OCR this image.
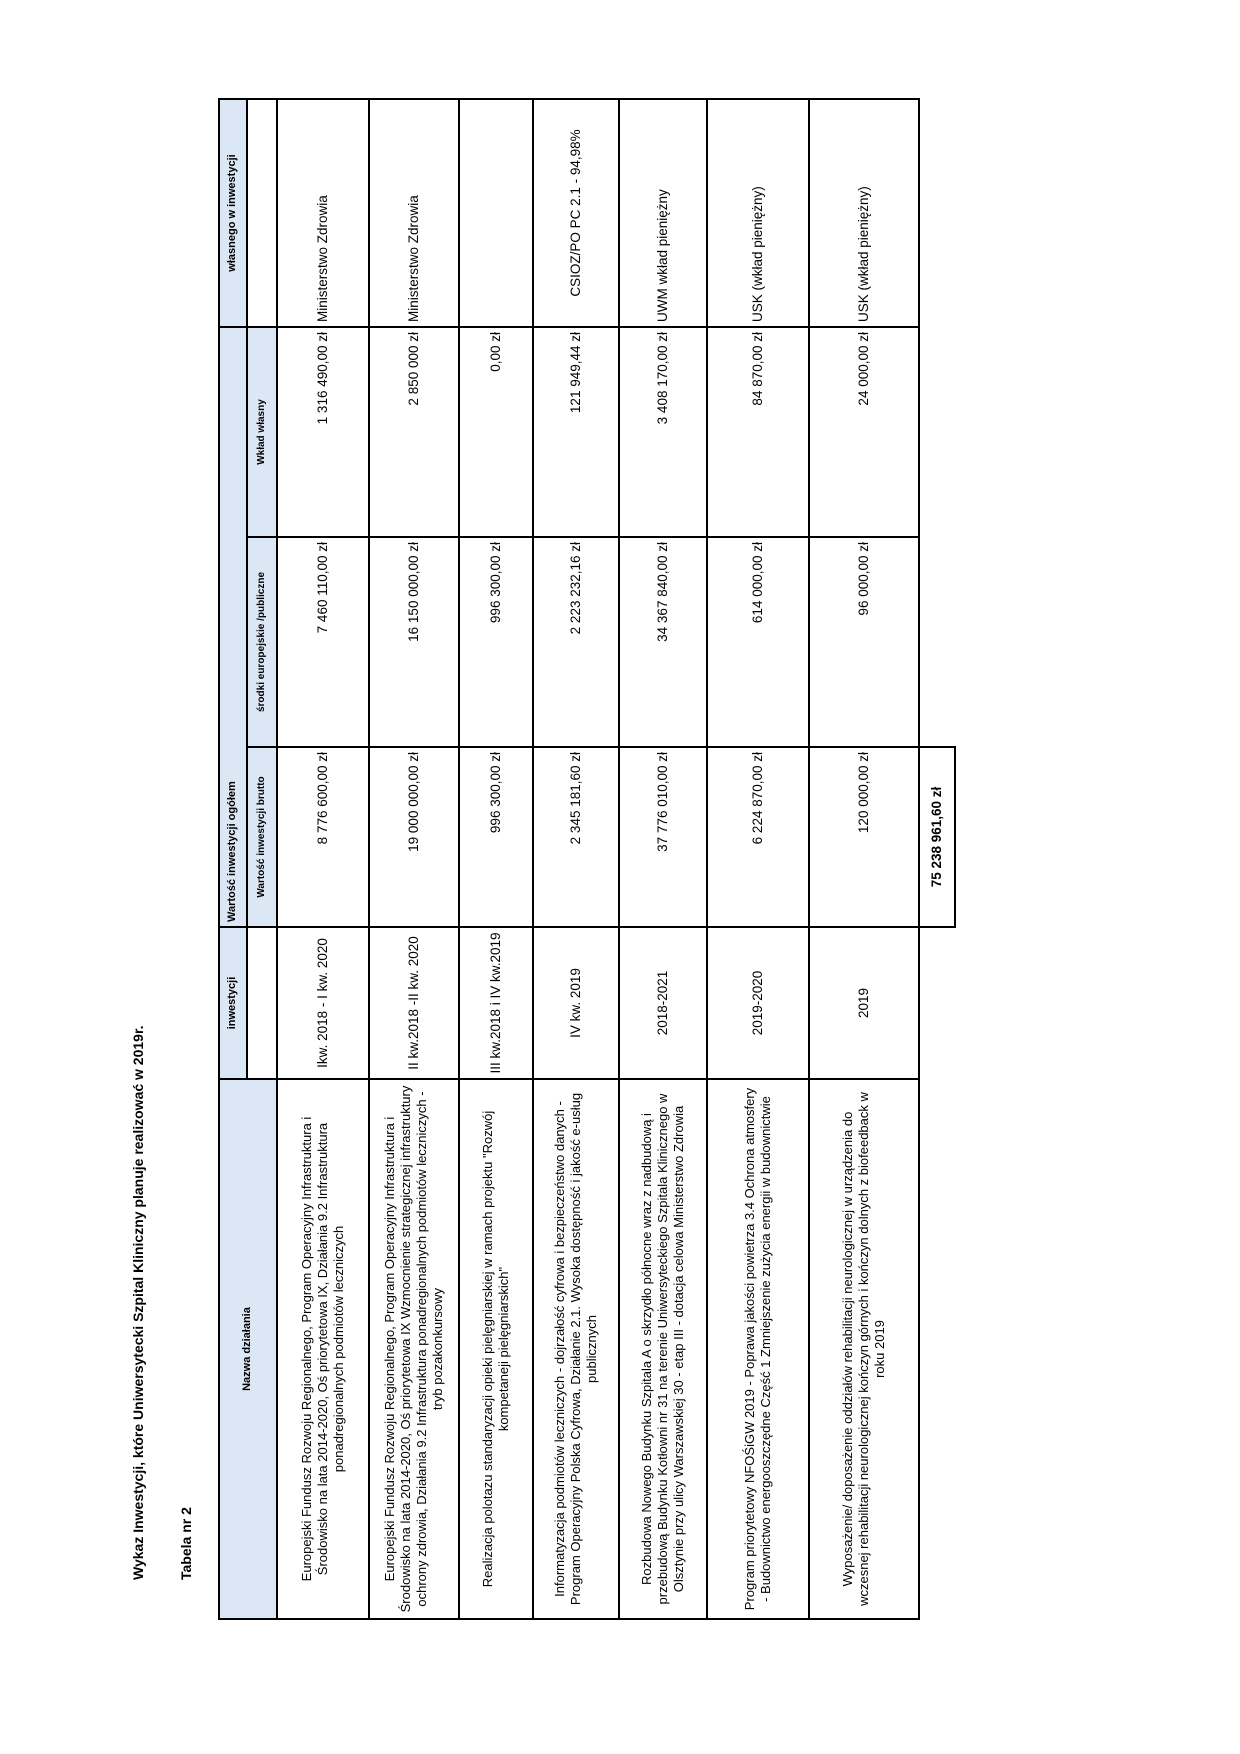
Wykaz Inwestycji, które Uniwersytecki Szpital Kliniczny planuje realizować w 2019r. Tabela nr 2
Nazwa działania	inwestycji	Wartość inwestycji ogółem			własnego w inwestycji
		Wartość inwestycji brutto	środki europejskie /publiczne	Wkład własny	
Europejski Fundusz Rozwoju Regionalnego, Program Operacyjny Infrastruktura i Środowisko na lata 2014-2020, Oś priorytetowa IX, Działania 9.2 Infrastruktura ponadregionalnych podmiotów leczniczych	Ikw. 2018 - I kw. 2020	8 776 600,00 zł	7 460 110,00 zł	1 316 490,00 zł	Ministerstwo Zdrowia
Europejski Fundusz Rozwoju Regionalnego, Program Operacyjny Infrastruktura i Środowisko na lata 2014-2020, Oś priorytetowa IX Wzmocnienie strategicznej infrastruktury ochrony zdrowia, Działania 9.2 Infrastruktura ponadregionalnych podmiotów leczniczych -tryb pozakonkursowy	II kw.2018 -II kw. 2020	19 000 000,00 zł	16 150 000,00 zł	2 850 000 zł	Ministerstwo Zdrowia
Realizacja polotazu standaryzacji opieki pielęgniarskiej w ramach projektu "Rozwój kompetaneji pielęgniarskich"	III kw.2018 i IV kw.2019	996 300,00 zł	996 300,00 zł	0,00 zł	
Informatyzacja podmiotów leczniczych - dojrzałość cyfrowa i bezpieczeństwo danych - Program Operacyjny Polska Cyfrowa, Działanie 2.1. Wysoka dostępność i jakość e-usług publicznych	IV kw. 2019	2 345 181,60 zł	2 223 232,16 zł	121 949,44 zł	CSIOZ/PO PC 2.1 - 94,98%
Rozbudowa Nowego Budynku Szpitala A o skrzydło północne wraz z nadbudową i przebudową Budynku Kotłowni nr 31 na terenie Uniwersyteckiego Szpitala Klinicznego w Olsztynie przy ulicy Warszawskiej 30 - etap III - dotacja celowa Ministerstwo Zdrowia	2018-2021	37 776 010,00 zł	34 367 840,00 zł	3 408 170,00 zł	UWM wkład pieniężny
Program priorytetowy NFOŚiGW 2019 - Poprawa jakości powietrza 3.4 Ochrona atmosfery - Budownictwo energooszczędne Część 1 Zmniejszenie zużycia energii w budownictwie	2019-2020	6 224 870,00 zł	614 000,00 zł	84 870,00 zł	USK (wkład pieniężny)
Wyposażenie/ doposażenie oddziałów rehabilitacji neurologicznej w urządzenia do wczesnej rehabilitacji neurologicznej kończyn górnych i kończyn dolnych z biofeedback w roku 2019	2019	120 000,00 zł	96 000,00 zł	24 000,00 zł	USK (wkład pieniężny)
		75 238 961,60 zł			
